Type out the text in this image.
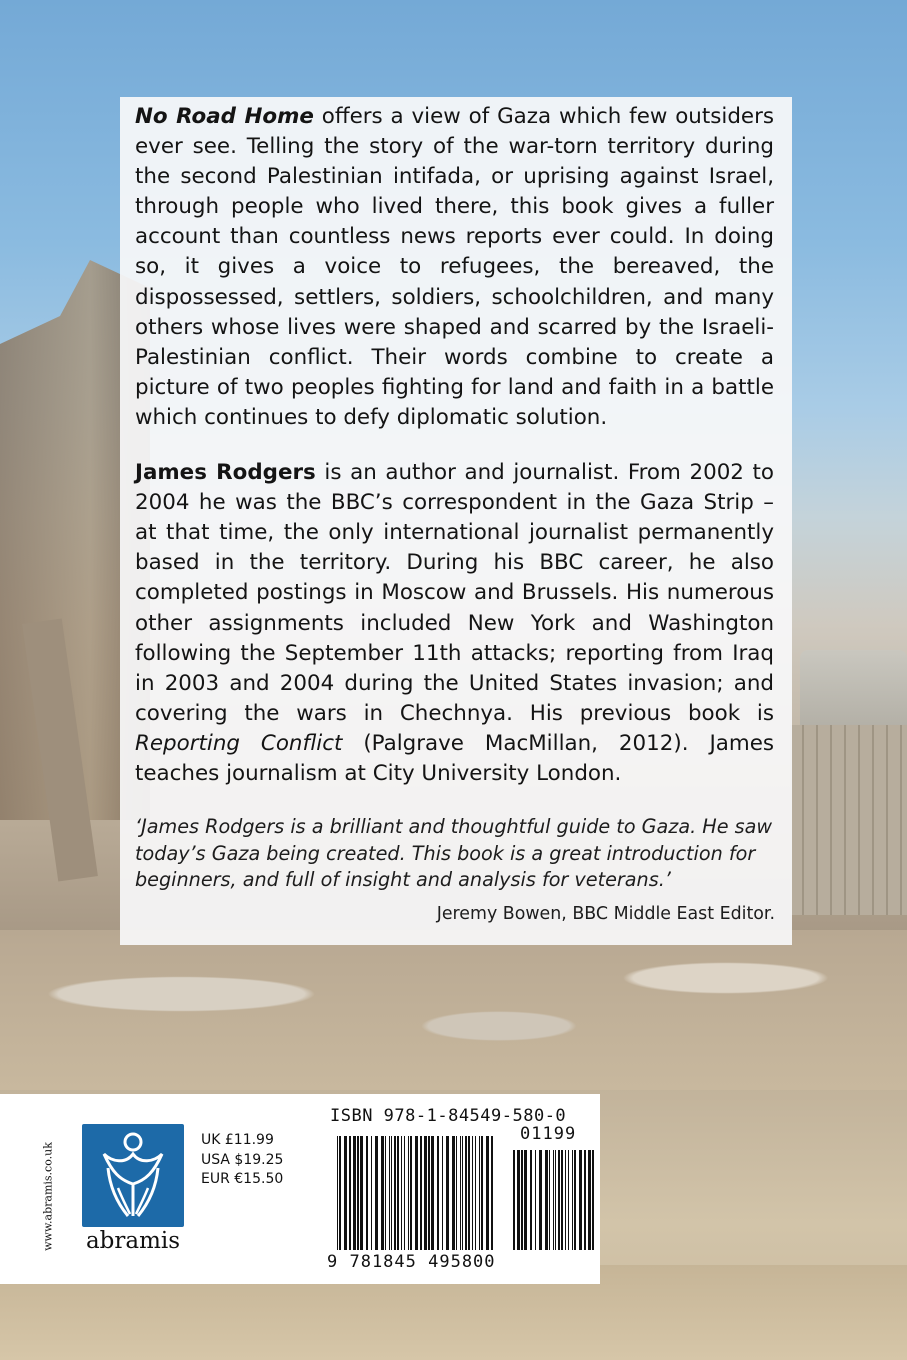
No Road Home offers a view of Gaza which few outsiders ever see. Telling the story of the war-torn territory during the second Palestinian intifada, or uprising against Israel, through people who lived there, this book gives a fuller account than countless news reports ever could. In doing so, it gives a voice to refugees, the bereaved, the dispossessed, settlers, soldiers, schoolchildren, and many others whose lives were shaped and scarred by the Israeli-Palestinian conflict. Their words combine to create a picture of two peoples fighting for land and faith in a battle which continues to defy diplomatic solution.

James Rodgers is an author and journalist. From 2002 to 2004 he was the BBC’s correspondent in the Gaza Strip – at that time, the only international journalist permanently based in the territory. During his BBC career, he also completed postings in Moscow and Brussels. His numerous other assignments included New York and Washington following the September 11th attacks; reporting from Iraq in 2003 and 2004 during the United States invasion; and covering the wars in Chechnya. His previous book is Reporting Conflict (Palgrave MacMillan, 2012). James teaches journalism at City University London.

‘James Rodgers is a brilliant and thoughtful guide to Gaza. He saw today’s Gaza being created. This book is a great introduction for beginners, and full of insight and analysis for veterans.’

Jeremy Bowen, BBC Middle East Editor.

www.abramis.co.uk abramis
UK £11.99
USA $19.25
EUR €15.50
ISBN 978-1-84549-580-0
01199
9 781845 495800
